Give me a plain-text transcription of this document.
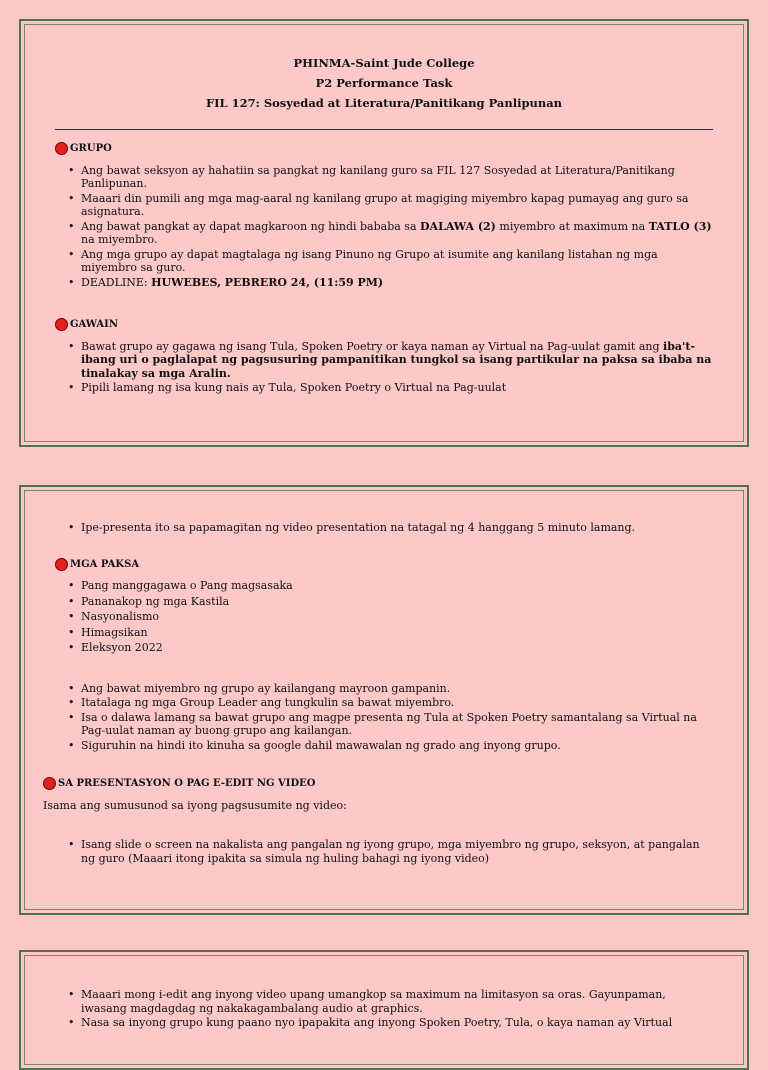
PHINMA-Saint Jude College
P2 Performance Task
FIL 127: Sosyedad at Literatura/Panitikang Panlipunan
GRUPO
• Ang bawat seksyon ay hahatiin sa pangkat ng kanilang guro sa FIL 127 Sosyedad at Literatura/Panitikang Panlipunan.
• Maaari din pumili ang mga mag-aaral ng kanilang grupo at magiging miyembro kapag pumayag ang guro sa asignatura.
• Ang bawat pangkat ay dapat magkaroon ng hindi bababa sa DALAWA (2) miyembro at maximum na TATLO (3) na miyembro.
• Ang mga grupo ay dapat magtalaga ng isang Pinuno ng Grupo at isumite ang kanilang listahan ng mga miyembro sa guro.
• DEADLINE: HUWEBES, PEBRERO 24, (11:59 PM)
GAWAIN
• Bawat grupo ay gagawa ng isang Tula, Spoken Poetry or kaya naman ay Virtual na Pag-uulat gamit ang iba't-ibang uri o paglalapat ng pagsusuring pampanitikan tungkol sa isang partikular na paksa sa ibaba na tinalakay sa mga Aralin.
• Pipili lamang ng isa kung nais ay Tula, Spoken Poetry o Virtual na Pag-uulat
• Ipe-presenta ito sa papamagitan ng video presentation na tatagal ng 4 hanggang 5 minuto lamang.
MGA PAKSA
• Pang manggagawa o Pang magsasaka
• Pananakop ng mga Kastila
• Nasyonalismo
• Himagsikan
• Eleksyon 2022
• Ang bawat miyembro ng grupo ay kailangang mayroon gampanin.
• Itatalaga ng mga Group Leader ang tungkulin sa bawat miyembro.
• Isa o dalawa lamang sa bawat grupo ang magpe presenta ng Tula at Spoken Poetry samantalang sa Virtual na Pag-uulat naman ay buong grupo ang kailangan.
• Siguruhin na hindi ito kinuha sa google dahil mawawalan ng grado ang inyong grupo.
SA PRESENTASYON O PAG E-EDIT NG VIDEO

Isama ang sumusunod sa iyong pagsusumite ng video:

• Isang slide o screen na nakalista ang pangalan ng iyong grupo, mga miyembro ng grupo, seksyon, at pangalan ng guro (Maaari itong ipakita sa simula ng huling bahagi ng iyong video)
• Maaari mong i-edit ang inyong video upang umangkop sa maximum na limitasyon sa oras. Gayunpaman, iwasang magdagdag ng nakakagambalang audio at graphics.
• Nasa sa inyong grupo kung paano nyo ipapakita ang inyong Spoken Poetry, Tula, o kaya naman ay Virtual
